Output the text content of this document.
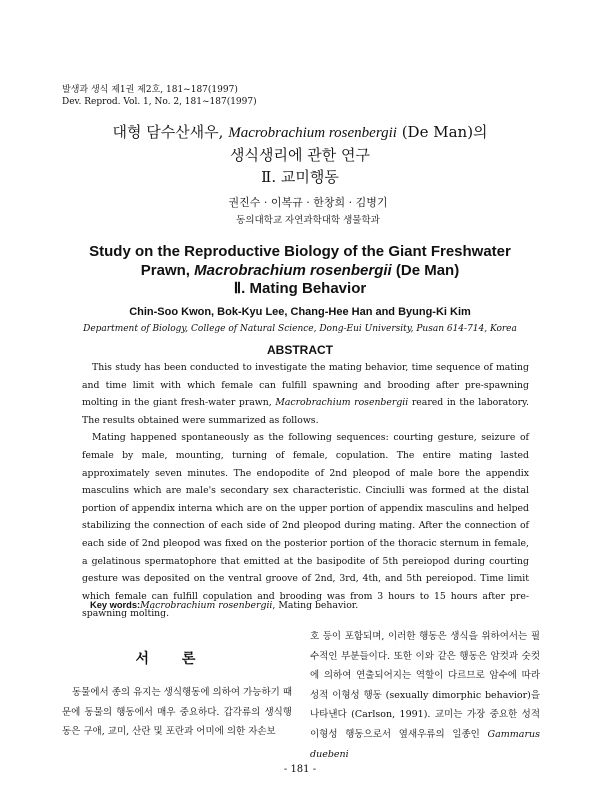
발생과 생식 제1권 제2호, 181~187(1997)
Dev. Reprod. Vol. 1, No. 2, 181~187(1997)
대형 담수산새우, Macrobrachium rosenbergii (De Man)의
생식생리에 관한 연구
Ⅱ. 교미행동
권진수 · 이복규 · 한창희 · 김병기
동의대학교 자연과학대학 생물학과
Study on the Reproductive Biology of the Giant Freshwater
Prawn, Macrobrachium rosenbergii (De Man)
Ⅱ. Mating Behavior
Chin-Soo Kwon, Bok-Kyu Lee, Chang-Hee Han and Byung-Ki Kim
Department of Biology, College of Natural Science, Dong-Eui University, Pusan 614-714, Korea
ABSTRACT

This study has been conducted to investigate the mating behavior, time sequence of mating and time limit with which female can fulfill spawning and brooding after pre-spawning molting in the giant fresh-water prawn, Macrobrachium rosenbergii reared in the laboratory. The results obtained were summarized as follows.

Mating happened spontaneously as the following sequences: courting gesture, seizure of female by male, mounting, turning of female, copulation. The entire mating lasted approximately seven minutes. The endopodite of 2nd pleopod of male bore the appendix masculins which are male's secondary sex characteristic. Cinciulli was formed at the distal portion of appendix interna which are on the upper portion of appendix masculins and helped stabilizing the connection of each side of 2nd pleopod during mating. After the connection of each side of 2nd pleopod was fixed on the posterior portion of the thoracic sternum in female, a gelatinous spermatophore that emitted at the basipodite of 5th pereiopod during courting gesture was deposited on the ventral groove of 2nd, 3rd, 4th, and 5th pereiopod. Time limit which female can fulfill copulation and brooding was from 3 hours to 15 hours after pre-spawning molting.

Key words:Macrobrachium rosenbergii, Mating behavior.
서 론

동물에서 종의 유지는 생식행동에 의하여 가능하기 때문에 동물의 행동에서 매우 중요하다. 갑각류의 생식행동은 구애, 교미, 산란 및 포란과 어미에 의한 자손보

호 등이 포함되며, 이러한 행동은 생식을 위하여서는 필수적인 부분들이다. 또한 이와 같은 행동은 암컷과 숫컷에 의하여 연출되어지는 역할이 다르므로 암수에 따라 성적 이형성 행동 (sexually dimorphic behavior)을 나타낸다 (Carlson, 1991). 교미는 가장 중요한 성적 이형성 행동으로서 옆새우류의 일종인 Gammarus duebeni

- 181 -
